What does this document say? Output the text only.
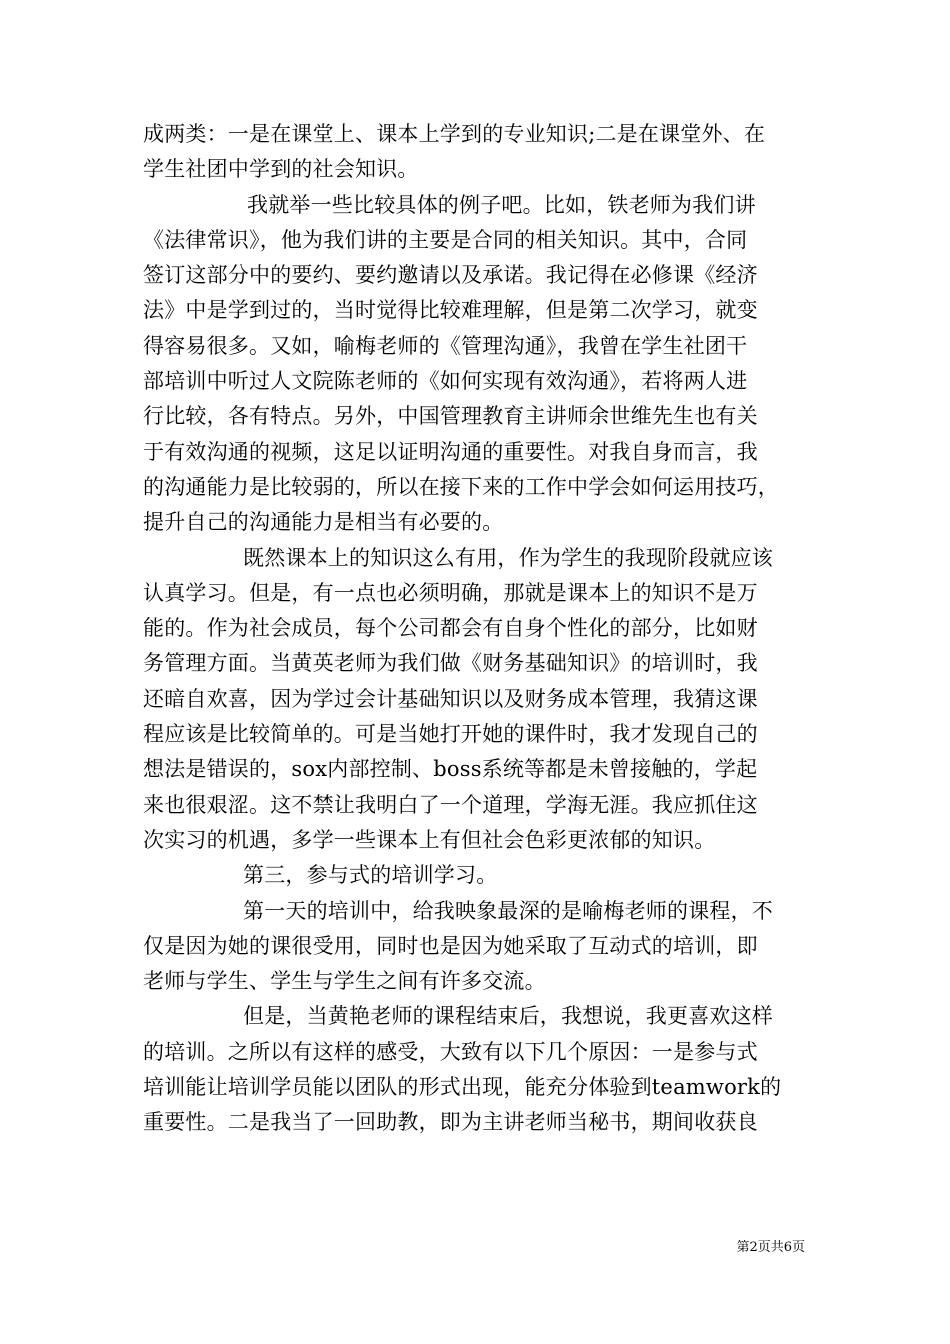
成两类：一是在课堂上、课本上学到的专业知识;二是在课堂外、在
学生社团中学到的社会知识。
我就举一些比较具体的例子吧。比如，铁老师为我们讲
《法律常识》，他为我们讲的主要是合同的相关知识。其中，合同
签订这部分中的要约、要约邀请以及承诺。我记得在必修课《经济
法》中是学到过的，当时觉得比较难理解，但是第二次学习，就变
得容易很多。又如，喻梅老师的《管理沟通》，我曾在学生社团干
部培训中听过人文院陈老师的《如何实现有效沟通》，若将两人进
行比较，各有特点。另外，中国管理教育主讲师余世维先生也有关
于有效沟通的视频，这足以证明沟通的重要性。对我自身而言，我
的沟通能力是比较弱的，所以在接下来的工作中学会如何运用技巧，
提升自己的沟通能力是相当有必要的。
既然课本上的知识这么有用，作为学生的我现阶段就应该
认真学习。但是，有一点也必须明确，那就是课本上的知识不是万
能的。作为社会成员，每个公司都会有自身个性化的部分，比如财
务管理方面。当黄英老师为我们做《财务基础知识》的培训时，我
还暗自欢喜，因为学过会计基础知识以及财务成本管理，我猜这课
程应该是比较简单的。可是当她打开她的课件时，我才发现自己的
想法是错误的，sox内部控制、boss系统等都是未曾接触的，学起
来也很艰涩。这不禁让我明白了一个道理，学海无涯。我应抓住这
次实习的机遇，多学一些课本上有但社会色彩更浓郁的知识。
第三，参与式的培训学习。
第一天的培训中，给我映象最深的是喻梅老师的课程，不
仅是因为她的课很受用，同时也是因为她采取了互动式的培训，即
老师与学生、学生与学生之间有许多交流。
但是，当黄艳老师的课程结束后，我想说，我更喜欢这样
的培训。之所以有这样的感受，大致有以下几个原因：一是参与式
培训能让培训学员能以团队的形式出现，能充分体验到teamwork的
重要性。二是我当了一回助教，即为主讲老师当秘书，期间收获良
第2页共6页
